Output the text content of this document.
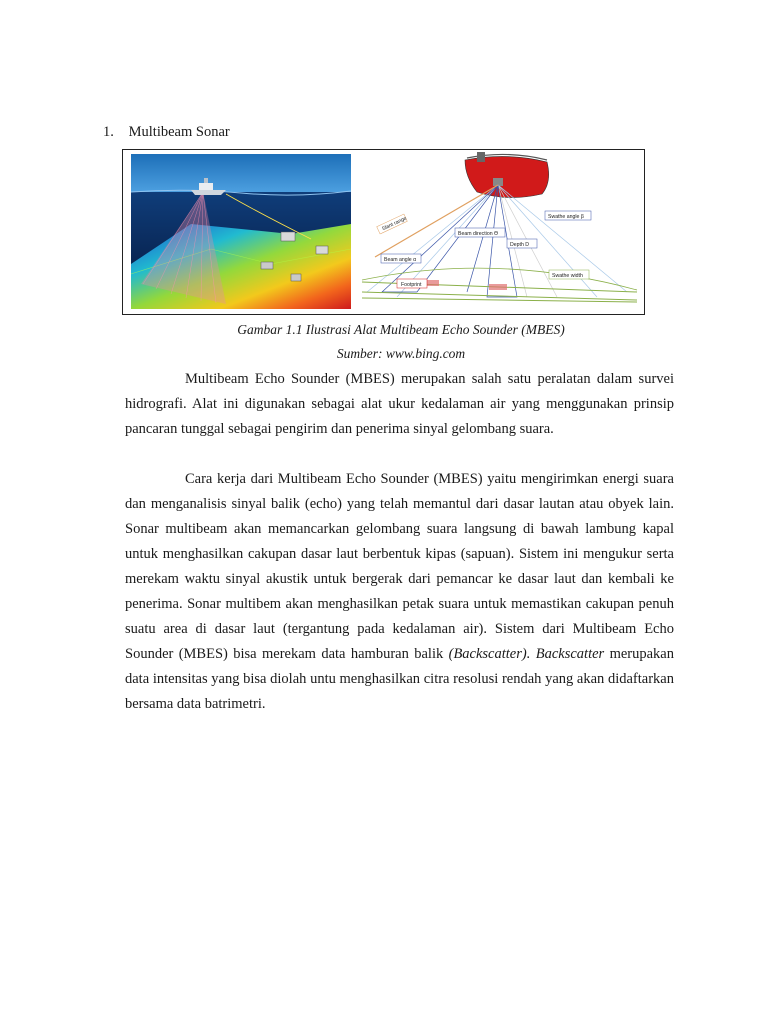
1. Multibeam Sonar
Slant range	Swathe angle β
Beam direction Θ
Depth D
Beam angle α
Footprint
Swathe width
Gambar 1.1 Ilustrasi Alat Multibeam Echo Sounder (MBES)
Sumber: www.bing.com

Multibeam Echo Sounder (MBES) merupakan salah satu peralatan dalam survei hidrografi. Alat ini digunakan sebagai alat ukur kedalaman air yang menggunakan prinsip pancaran tunggal sebagai pengirim dan penerima sinyal gelombang suara.

Cara kerja dari Multibeam Echo Sounder (MBES) yaitu mengirimkan energi suara dan menganalisis sinyal balik (echo) yang telah memantul dari dasar lautan atau obyek lain. Sonar multibeam akan memancarkan gelombang suara langsung di bawah lambung kapal untuk menghasilkan cakupan dasar laut berbentuk kipas (sapuan). Sistem ini mengukur serta merekam waktu sinyal akustik untuk bergerak dari pemancar ke dasar laut dan kembali ke penerima. Sonar multibem akan menghasilkan petak suara untuk memastikan cakupan penuh suatu area di dasar laut (tergantung pada kedalaman air). Sistem dari Multibeam Echo Sounder (MBES) bisa merekam data hamburan balik (Backscatter). Backscatter merupakan data intensitas yang bisa diolah untu menghasilkan citra resolusi rendah yang akan didaftarkan bersama data batrimetri.
